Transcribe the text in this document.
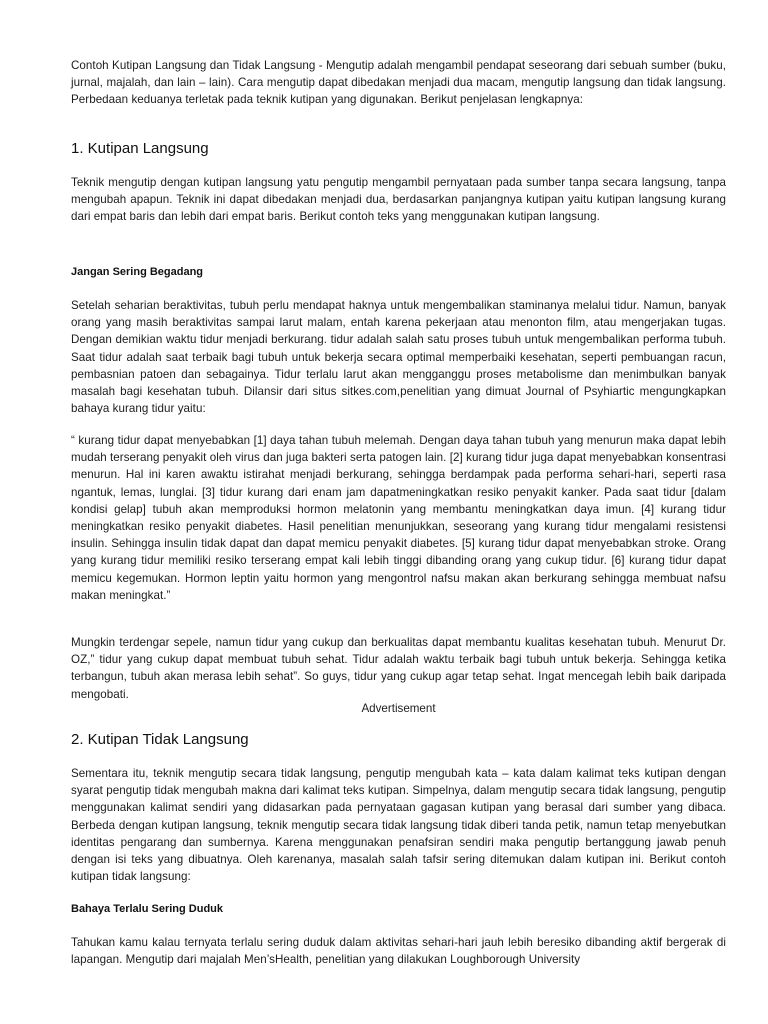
Contoh Kutipan Langsung dan Tidak Langsung - Mengutip adalah mengambil pendapat seseorang dari sebuah sumber (buku, jurnal, majalah, dan lain – lain). Cara mengutip dapat dibedakan menjadi dua macam, mengutip langsung dan tidak langsung. Perbedaan keduanya terletak pada teknik kutipan yang digunakan. Berikut penjelasan lengkapnya:

1. Kutipan Langsung

Teknik mengutip dengan kutipan langsung yatu pengutip mengambil pernyataan pada sumber tanpa secara langsung, tanpa mengubah apapun. Teknik ini dapat dibedakan menjadi dua, berdasarkan panjangnya kutipan yaitu kutipan langsung kurang dari empat baris dan lebih dari empat baris. Berikut contoh teks yang menggunakan kutipan langsung.

Jangan Sering Begadang

Setelah seharian beraktivitas, tubuh perlu mendapat haknya untuk mengembalikan staminanya melalui tidur. Namun, banyak orang yang masih beraktivitas sampai larut malam, entah karena pekerjaan atau menonton film, atau mengerjakan tugas. Dengan demikian waktu tidur menjadi berkurang. tidur adalah salah satu proses tubuh untuk mengembalikan performa tubuh. Saat tidur adalah saat terbaik bagi tubuh untuk bekerja secara optimal memperbaiki kesehatan, seperti pembuangan racun, pembasnian patoen dan sebagainya. Tidur terlalu larut akan mengganggu proses metabolisme dan menimbulkan banyak masalah bagi kesehatan tubuh. Dilansir dari situs sitkes.com,penelitian yang dimuat Journal of Psyhiartic mengungkapkan bahaya kurang tidur yaitu:

“ kurang tidur dapat menyebabkan [1] daya tahan tubuh melemah. Dengan daya tahan tubuh yang menurun maka dapat lebih mudah terserang penyakit oleh virus dan juga bakteri serta patogen lain. [2] kurang tidur juga dapat menyebabkan konsentrasi menurun. Hal ini karen awaktu istirahat menjadi berkurang, sehingga berdampak pada performa sehari-hari, seperti rasa ngantuk, lemas, lunglai. [3] tidur kurang dari enam jam dapatmeningkatkan resiko penyakit kanker. Pada saat tidur [dalam kondisi gelap] tubuh akan memproduksi hormon melatonin yang membantu meningkatkan daya imun. [4] kurang tidur meningkatkan resiko penyakit diabetes. Hasil penelitian menunjukkan, seseorang yang kurang tidur mengalami resistensi insulin. Sehingga insulin tidak dapat dan dapat memicu penyakit diabetes. [5] kurang tidur dapat menyebabkan stroke. Orang yang kurang tidur memiliki resiko terserang empat kali lebih tinggi dibanding orang yang cukup tidur. [6] kurang tidur dapat memicu kegemukan. Hormon leptin yaitu hormon yang mengontrol nafsu makan akan berkurang sehingga membuat nafsu makan meningkat.”

Mungkin terdengar sepele, namun tidur yang cukup dan berkualitas dapat membantu kualitas kesehatan tubuh. Menurut Dr. OZ,” tidur yang cukup dapat membuat tubuh sehat. Tidur adalah waktu terbaik bagi tubuh untuk bekerja. Sehingga ketika terbangun, tubuh akan merasa lebih sehat”. So guys, tidur yang cukup agar tetap sehat. Ingat mencegah lebih baik daripada mengobati.

Advertisement

2. Kutipan Tidak Langsung

Sementara itu, teknik mengutip secara tidak langsung, pengutip mengubah kata – kata dalam kalimat teks kutipan dengan syarat pengutip tidak mengubah makna dari kalimat teks kutipan. Simpelnya, dalam mengutip secara tidak langsung, pengutip menggunakan kalimat sendiri yang didasarkan pada pernyataan gagasan kutipan yang berasal dari sumber yang dibaca. Berbeda dengan kutipan langsung, teknik mengutip secara tidak langsung tidak diberi tanda petik, namun tetap menyebutkan identitas pengarang dan sumbernya. Karena menggunakan penafsiran sendiri maka pengutip bertanggung jawab penuh dengan isi teks yang dibuatnya. Oleh karenanya, masalah salah tafsir sering ditemukan dalam kutipan ini. Berikut contoh kutipan tidak langsung:

Bahaya Terlalu Sering Duduk

Tahukan kamu kalau ternyata terlalu sering duduk dalam aktivitas sehari-hari jauh lebih beresiko dibanding aktif bergerak di lapangan. Mengutip dari majalah Men’sHealth, penelitian yang dilakukan Loughborough University
